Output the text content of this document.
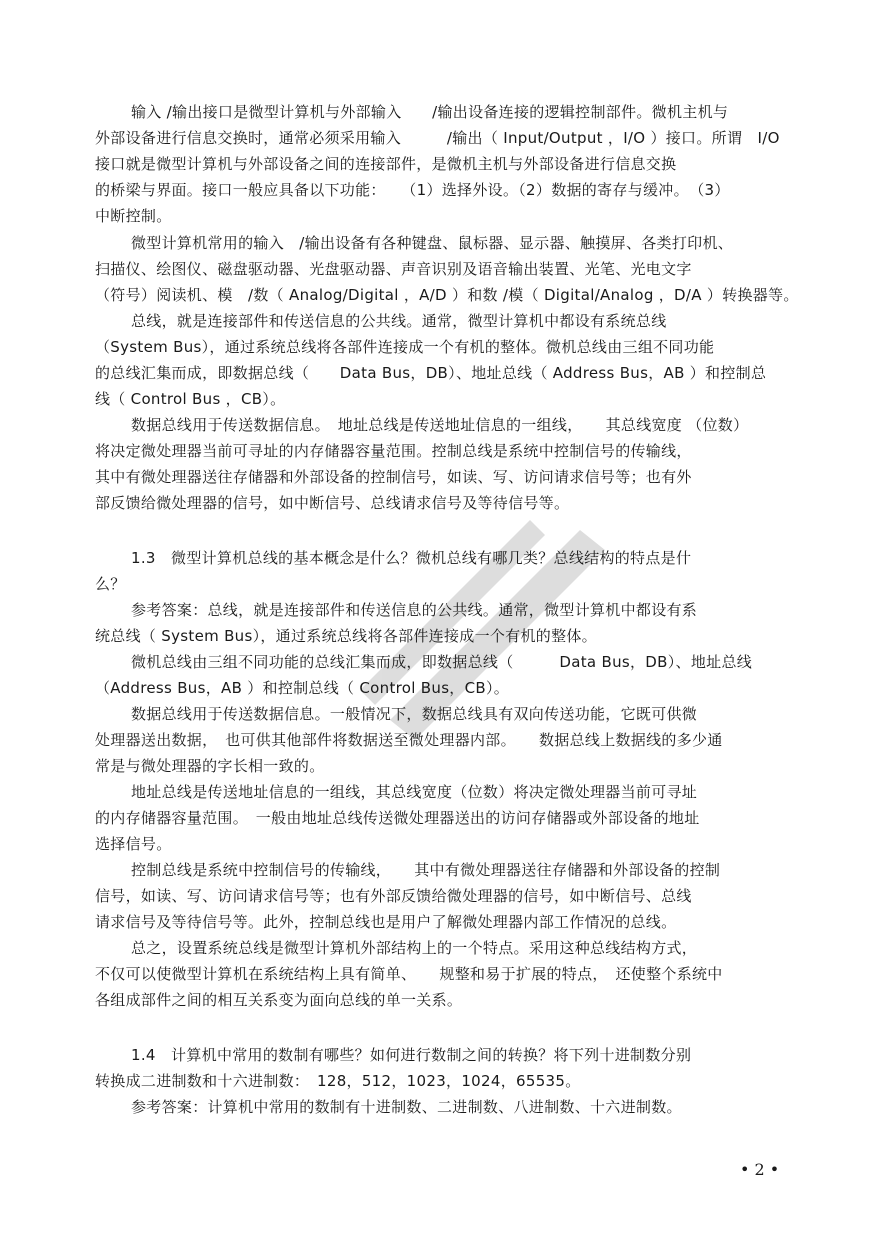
输入 /输出接口是微型计算机与外部输入　　/输出设备连接的逻辑控制部件。微机主机与
外部设备进行信息交换时，通常必须采用输入　　　/输出（ Input/Output ，I/O ）接口。所谓　I/O
接口就是微型计算机与外部设备之间的连接部件，是微机主机与外部设备进行信息交换
的桥梁与界面。接口一般应具备以下功能：　　（1）选择外设。（2）数据的寄存与缓冲。　（3）
中断控制。
微型计算机常用的输入　/输出设备有各种键盘、鼠标器、显示器、触摸屏、各类打印机、
扫描仪、绘图仪、磁盘驱动器、光盘驱动器、声音识别及语音输出装置、光笔、光电文字
（符号）阅读机、模　/数（ Analog/Digital ，A/D ）和数 /模（ Digital/Analog ，D/A ）转换器等。
总线，就是连接部件和传送信息的公共线。通常，微型计算机中都设有系统总线
（System Bus），通过系统总线将各部件连接成一个有机的整体。微机总线由三组不同功能
的总线汇集而成，即数据总线（　　Data Bus，DB）、地址总线（ Address Bus，AB ）和控制总
线（ Control Bus ，CB）。
数据总线用于传送数据信息。　地址总线是传送地址信息的一组线，　　其总线宽度 （位数）
将决定微处理器当前可寻址的内存储器容量范围。控制总线是系统中控制信号的传输线，
其中有微处理器送往存储器和外部设备的控制信号，如读、写、访问请求信号等；也有外
部反馈给微处理器的信号，如中断信号、总线请求信号及等待信号等。
1.3　微型计算机总线的基本概念是什么？微机总线有哪几类？总线结构的特点是什
么？
参考答案：总线，就是连接部件和传送信息的公共线。通常，微型计算机中都设有系
统总线（ System Bus），通过系统总线将各部件连接成一个有机的整体。
微机总线由三组不同功能的总线汇集而成，即数据总线（　　　Data Bus，DB）、地址总线
（Address Bus，AB ）和控制总线（ Control Bus，CB）。
数据总线用于传送数据信息。一般情况下，数据总线具有双向传送功能，它既可供微
处理器送出数据，　也可供其他部件将数据送至微处理器内部。　　数据总线上数据线的多少通
常是与微处理器的字长相一致的。
地址总线是传送地址信息的一组线，其总线宽度（位数）将决定微处理器当前可寻址
的内存储器容量范围。　一般由地址总线传送微处理器送出的访问存储器或外部设备的地址
选择信号。
控制总线是系统中控制信号的传输线，　　其中有微处理器送往存储器和外部设备的控制
信号，如读、写、访问请求信号等；也有外部反馈给微处理器的信号，如中断信号、总线
请求信号及等待信号等。此外，控制总线也是用户了解微处理器内部工作情况的总线。
总之，设置系统总线是微型计算机外部结构上的一个特点。采用这种总线结构方式，
不仅可以使微型计算机在系统结构上具有简单、　　规整和易于扩展的特点，　还使整个系统中
各组成部件之间的相互关系变为面向总线的单一关系。
1.4　计算机中常用的数制有哪些？如何进行数制之间的转换？将下列十进制数分别
转换成二进制数和十六进制数：　128，512，1023，1024，65535。
参考答案：计算机中常用的数制有十进制数、二进制数、八进制数、十六进制数。
• 2 •
